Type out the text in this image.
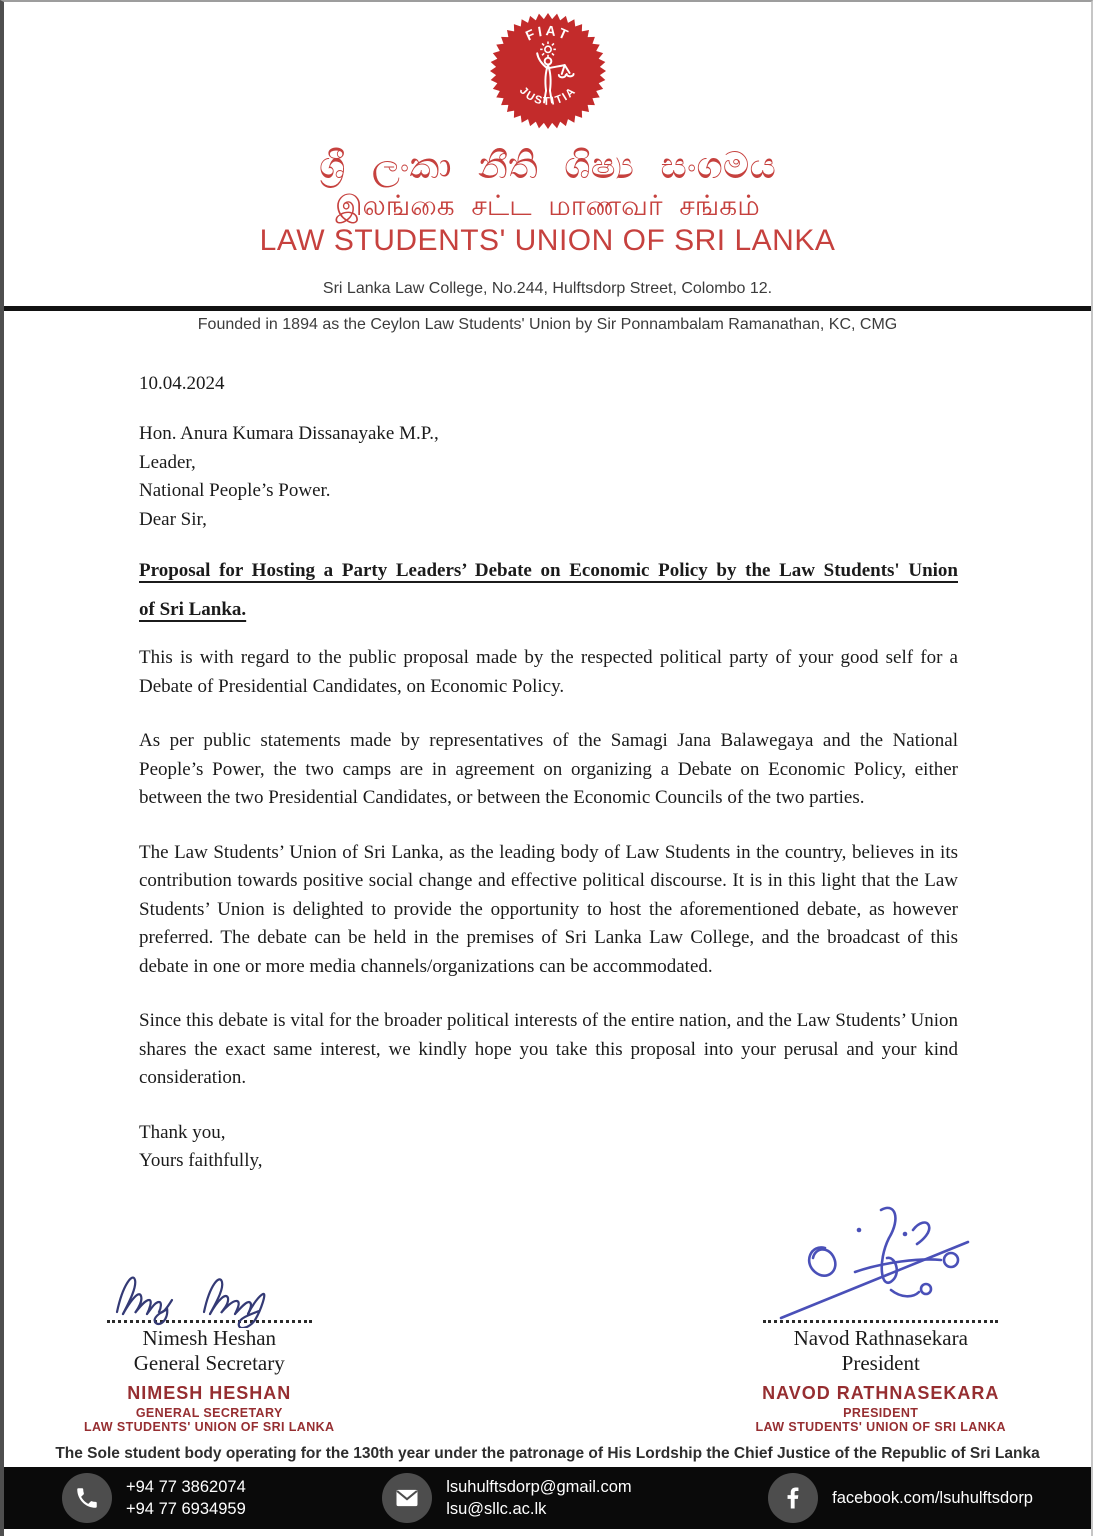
FIAT
JUSTITIA
ශ්‍රී ලංකා නීති ශිෂ්‍ය සංගමය
இலங்கை சட்ட மாணவர் சங்கம்
LAW STUDENTS' UNION OF SRI LANKA
Sri Lanka Law College, No.244, Hulftsdorp Street, Colombo 12.
Founded in 1894 as the Ceylon Law Students' Union by Sir Ponnambalam Ramanathan, KC, CMG
10.04.2024
Hon. Anura Kumara Dissanayake M.P.,
Leader,
National People’s Power.
Dear Sir,
Proposal for Hosting a Party Leaders’ Debate on Economic Policy by the Law Students' Union
of Sri Lanka.

This is with regard to the public proposal made by the respected political party of your good self for a Debate of Presidential Candidates, on Economic Policy.

As per public statements made by representatives of the Samagi Jana Balawegaya and the National People’s Power, the two camps are in agreement on organizing a Debate on Economic Policy, either between the two Presidential Candidates, or between the Economic Councils of the two parties.

The Law Students’ Union of Sri Lanka, as the leading body of Law Students in the country, believes in its contribution towards positive social change and effective political discourse. It is in this light that the Law Students’ Union is delighted to provide the opportunity to host the aforementioned debate, as however preferred. The debate can be held in the premises of Sri Lanka Law College, and the broadcast of this debate in one or more media channels/organizations can be accommodated.

Since this debate is vital for the broader political interests of the entire nation, and the Law Students’ Union shares the exact same interest, we kindly hope you take this proposal into your perusal and your kind consideration.

Thank you,
Yours faithfully,
Nimesh Heshan
General Secretary
NIMESH HESHAN
GENERAL SECRETARY
LAW STUDENTS' UNION OF SRI LANKA
Navod Rathnasekara
President
NAVOD RATHNASEKARA
PRESIDENT
LAW STUDENTS' UNION OF SRI LANKA
The Sole student body operating for the 130th year under the patronage of His Lordship the Chief Justice of the Republic of Sri Lanka
+94 77 3862074
+94 77 6934959
lsuhulftsdorp@gmail.com
lsu@sllc.ac.lk
facebook.com/lsuhulftsdorp
